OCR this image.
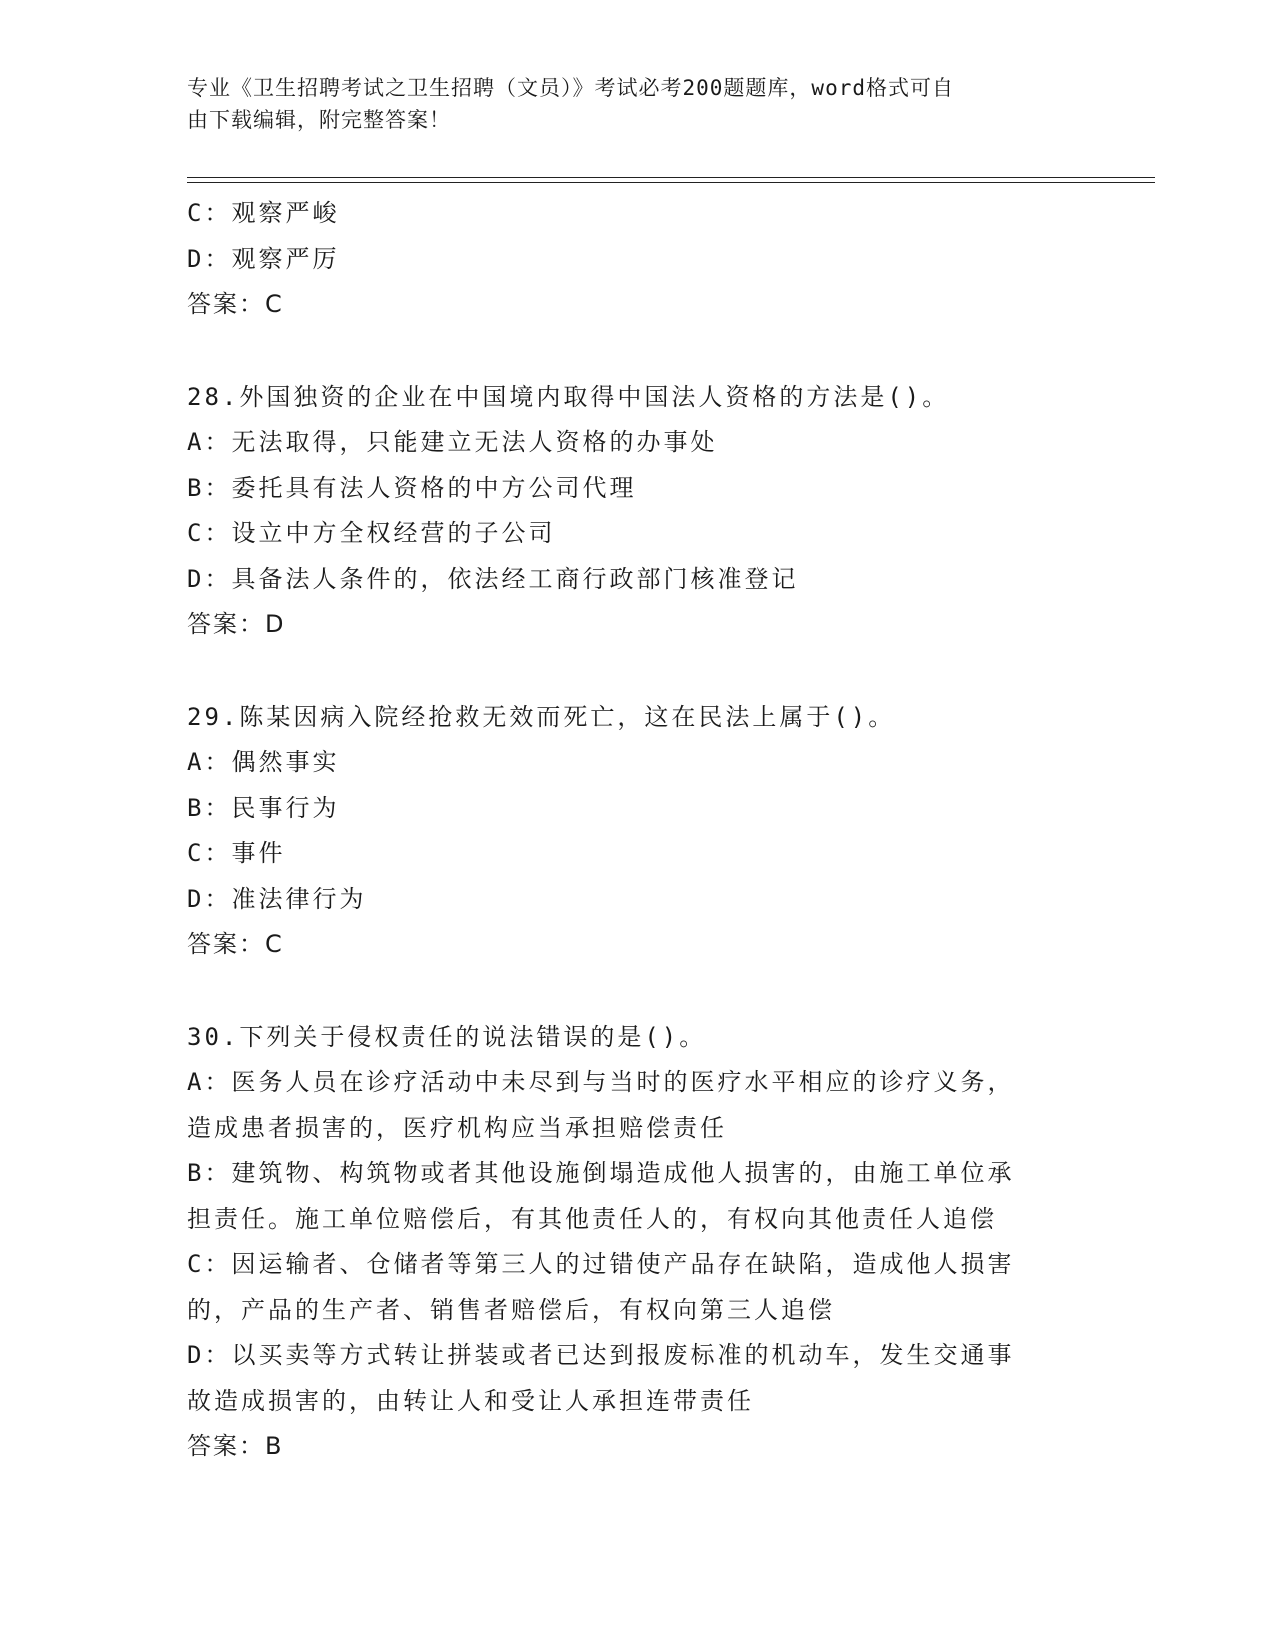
专业《卫生招聘考试之卫生招聘（文员）》考试必考200题题库，word格式可自
由下载编辑，附完整答案！
C：观察严峻
D：观察严厉
答案：C
28.外国独资的企业在中国境内取得中国法人资格的方法是()。
A：无法取得，只能建立无法人资格的办事处
B：委托具有法人资格的中方公司代理
C：设立中方全权经营的子公司
D：具备法人条件的，依法经工商行政部门核准登记
答案：D
29.陈某因病入院经抢救无效而死亡，这在民法上属于()。
A：偶然事实
B：民事行为
C：事件
D：准法律行为
答案：C
30.下列关于侵权责任的说法错误的是()。
A：医务人员在诊疗活动中未尽到与当时的医疗水平相应的诊疗义务，
造成患者损害的，医疗机构应当承担赔偿责任
B：建筑物、构筑物或者其他设施倒塌造成他人损害的，由施工单位承
担责任。施工单位赔偿后，有其他责任人的，有权向其他责任人追偿
C：因运输者、仓储者等第三人的过错使产品存在缺陷，造成他人损害
的，产品的生产者、销售者赔偿后，有权向第三人追偿
D：以买卖等方式转让拼装或者已达到报废标准的机动车，发生交通事
故造成损害的，由转让人和受让人承担连带责任
答案：B
